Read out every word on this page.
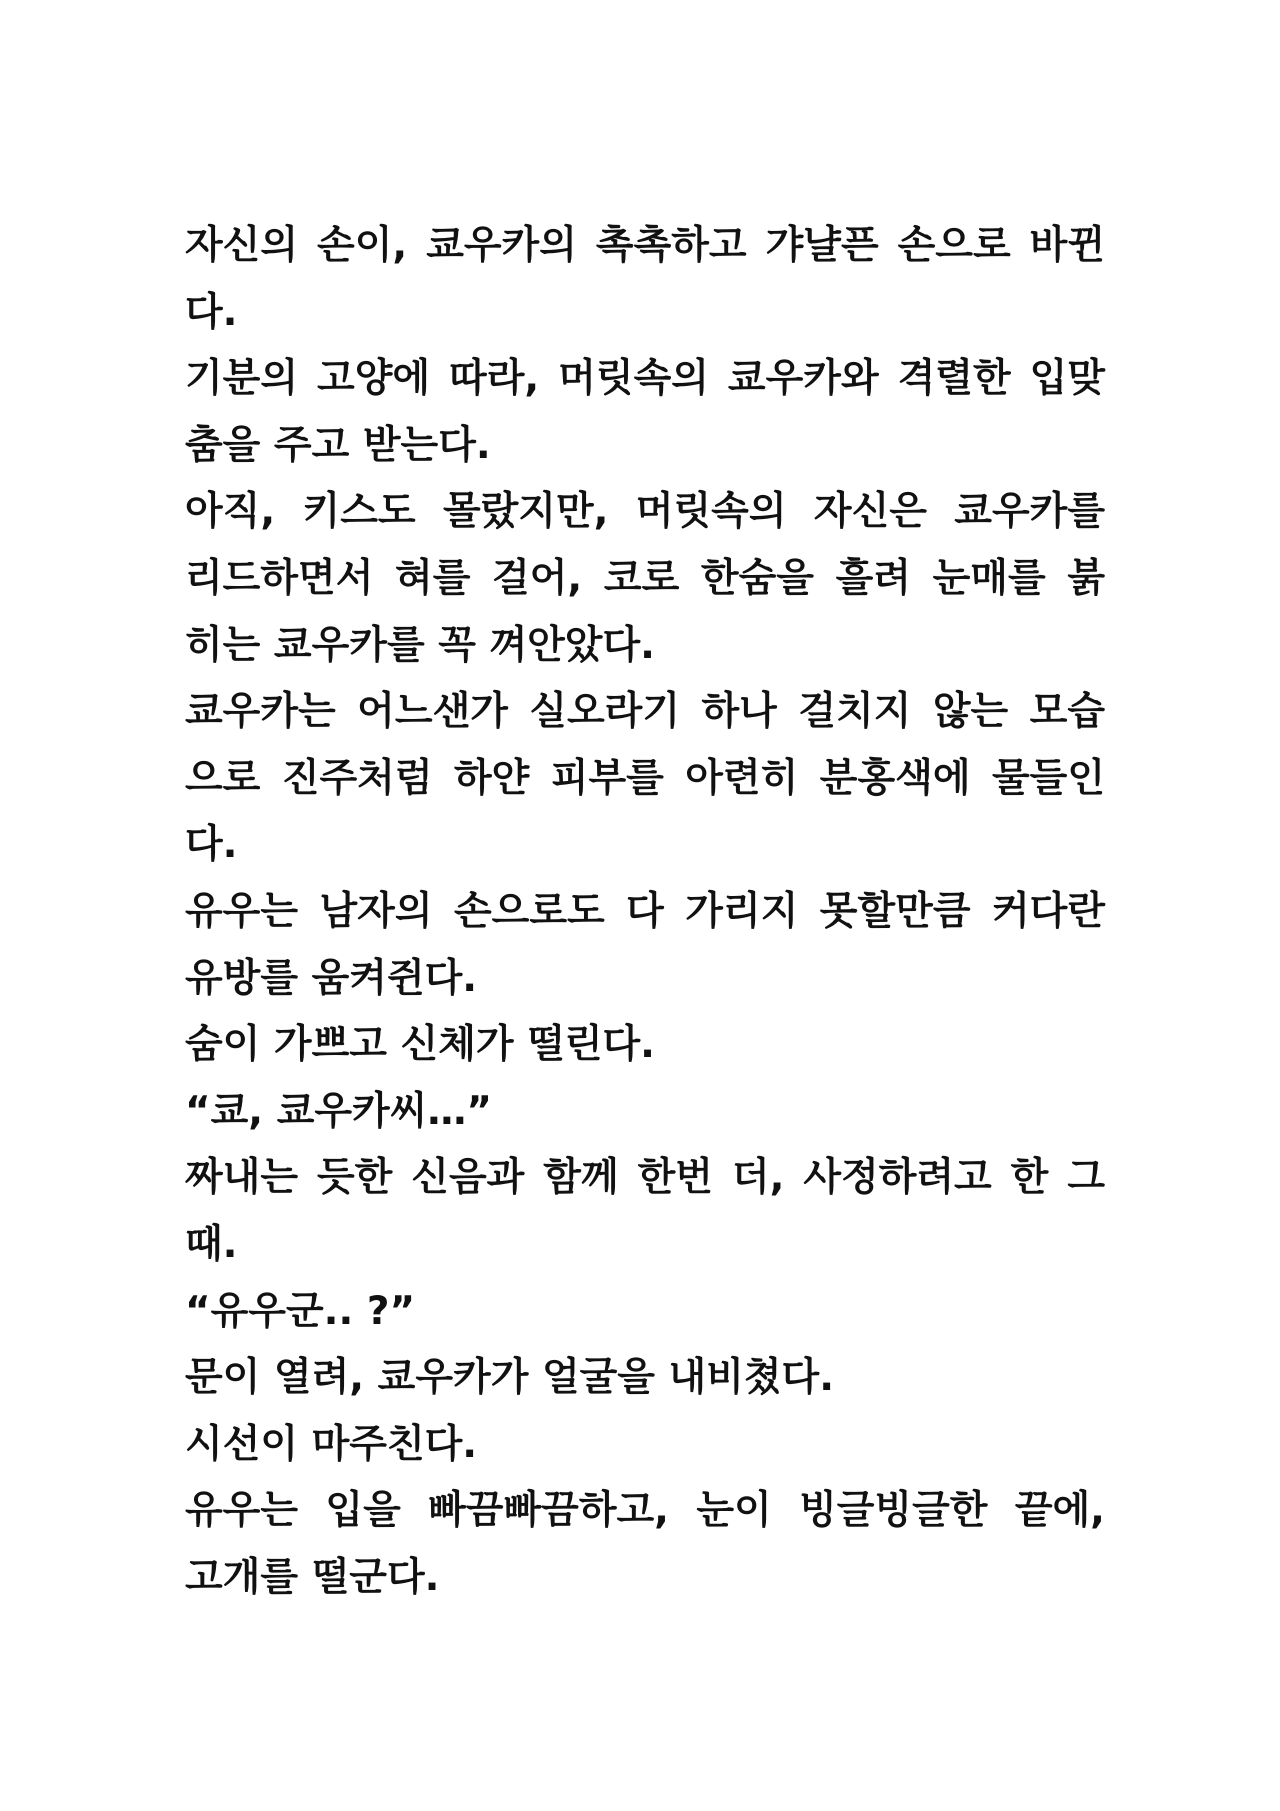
자신의 손이, 쿄우카의 촉촉하고 갸냘픈 손으로 바뀐
다.
기분의 고양에 따라, 머릿속의 쿄우카와 격렬한 입맞
춤을 주고 받는다.
아직, 키스도 몰랐지만, 머릿속의 자신은 쿄우카를
리드하면서 혀를 걸어, 코로 한숨을 흘려 눈매를 붉
히는 쿄우카를 꼭 껴안았다.
쿄우카는 어느샌가 실오라기 하나 걸치지 않는 모습
으로 진주처럼 하얀 피부를 아련히 분홍색에 물들인
다.
유우는 남자의 손으로도 다 가리지 못할만큼 커다란
유방를 움켜쥔다.
숨이 가쁘고 신체가 떨린다.
“쿄, 쿄우카씨…”
짜내는 듯한 신음과 함께 한번 더, 사정하려고 한 그
때.
“유우군.. ?”
문이 열려, 쿄우카가 얼굴을 내비쳤다.
시선이 마주친다.
유우는 입을 빠끔빠끔하고, 눈이 빙글빙글한 끝에,
고개를 떨군다.
